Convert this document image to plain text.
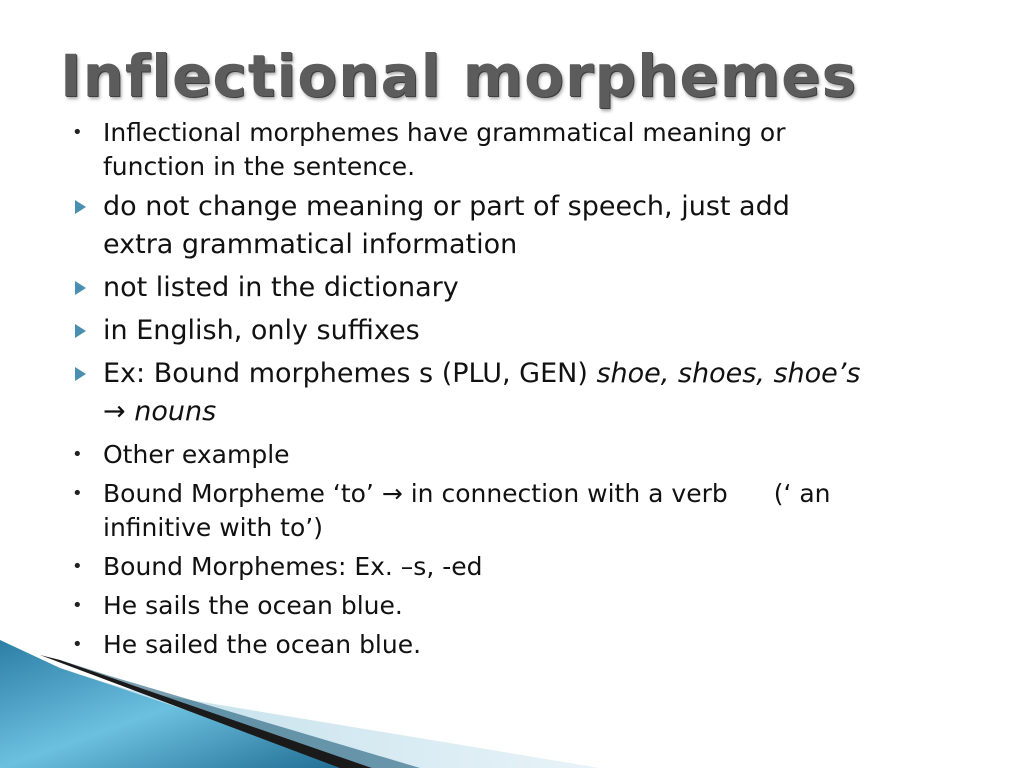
Inflectional morphemes
• Inflectional morphemes have grammatical meaning or
function in the sentence.
do not change meaning or part of speech, just add
extra grammatical information
not listed in the dictionary
in English, only suffixes
Ex: Bound morphemes s (PLU, GEN) shoe, shoes, shoe’s
→ nouns
• Other example
• Bound Morpheme ‘to’ → in connection with a verb (‘ an
infinitive with to’)
• Bound Morphemes: Ex. –s, -ed
• He sails the ocean blue.
• He sailed the ocean blue.
